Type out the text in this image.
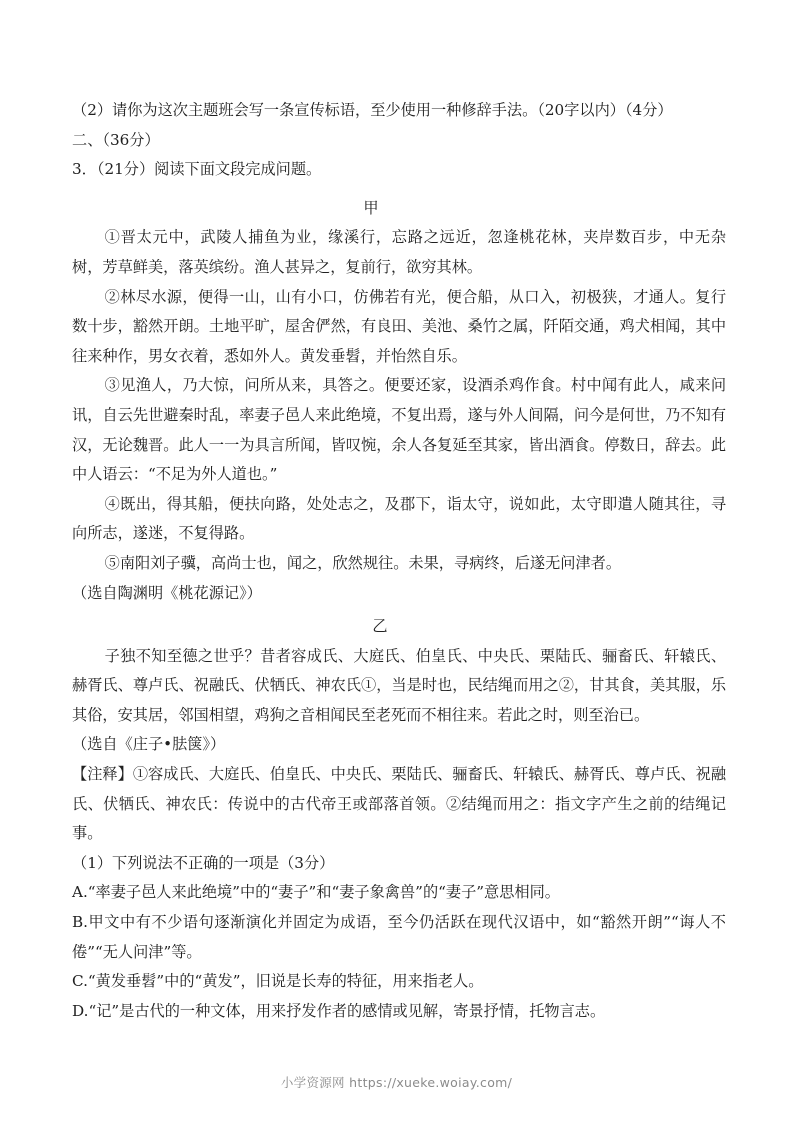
（2）请你为这次主题班会写一条宣传标语，至少使用一种修辞手法。（20字以内）（4分）

二、（36分）

3．（21分）阅读下面文段完成问题。

甲

①晋太元中，武陵人捕鱼为业，缘溪行，忘路之远近，忽逢桃花林，夹岸数百步，中无杂树，芳草鲜美，落英缤纷。渔人甚异之，复前行，欲穷其林。

②林尽水源，便得一山，山有小口，仿佛若有光，便合船，从口入，初极狭，才通人。复行数十步，豁然开朗。土地平旷，屋舍俨然，有良田、美池、桑竹之属，阡陌交通，鸡犬相闻，其中往来种作，男女衣着，悉如外人。黄发垂髫，并怡然自乐。

③见渔人，乃大惊，问所从来，具答之。便要还家，设酒杀鸡作食。村中闻有此人，咸来问讯，自云先世避秦时乱，率妻子邑人来此绝境，不复出焉，遂与外人间隔，问今是何世，乃不知有汉，无论魏晋。此人一一为具言所闻，皆叹惋，余人各复延至其家，皆出酒食。停数日，辞去。此中人语云：“不足为外人道也。”

④既出，得其船，便扶向路，处处志之，及郡下，诣太守，说如此，太守即遣人随其往，寻向所志，遂迷，不复得路。

⑤南阳刘子骥，高尚士也，闻之，欣然规往。未果，寻病终，后遂无问津者。

（选自陶渊明《桃花源记》）

乙

子独不知至德之世乎？昔者容成氏、大庭氏、伯皇氏、中央氏、栗陆氏、骊畜氏、轩辕氏、赫胥氏、尊卢氏、祝融氏、伏牺氏、神农氏①，当是时也，民结绳而用之②，甘其食，美其服，乐其俗，安其居，邻国相望，鸡狗之音相闻民至老死而不相往来。若此之时，则至治已。

（选自《庄子•胠箧》）

【注释】①容成氏、大庭氏、伯皇氏、中央氏、栗陆氏、骊畜氏、轩辕氏、赫胥氏、尊卢氏、祝融氏、伏牺氏、神农氏：传说中的古代帝王或部落首领。②结绳而用之：指文字产生之前的结绳记事。

（1）下列说法不正确的一项是（3分）

A.“率妻子邑人来此绝境”中的“妻子”和“妻子象禽兽”的“妻子”意思相同。

B.甲文中有不少语句逐渐演化并固定为成语，至今仍活跃在现代汉语中，如“豁然开朗”“诲人不倦”“无人问津”等。

C.“黄发垂髫”中的“黄发”，旧说是长寿的特征，用来指老人。

D.“记”是古代的一种文体，用来抒发作者的感情或见解，寄景抒情，托物言志。

小学资源网 https://xueke.woiay.com/
